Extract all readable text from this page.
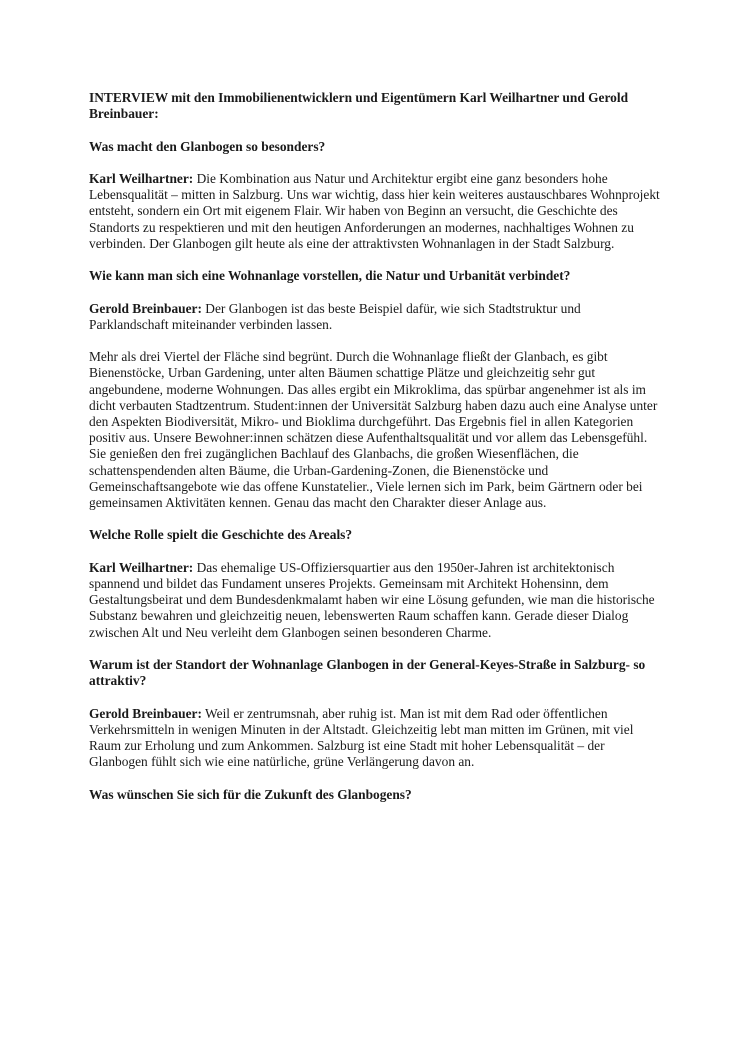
INTERVIEW mit den Immobilienentwicklern und Eigentümern Karl Weilhartner und Gerold Breinbauer:

Was macht den Glanbogen so besonders?

Karl Weilhartner: Die Kombination aus Natur und Architektur ergibt eine ganz besonders hohe Lebensqualität – mitten in Salzburg. Uns war wichtig, dass hier kein weiteres austauschbares Wohnprojekt entsteht, sondern ein Ort mit eigenem Flair. Wir haben von Beginn an versucht, die Geschichte des Standorts zu respektieren und mit den heutigen Anforderungen an modernes, nachhaltiges Wohnen zu verbinden. Der Glanbogen gilt heute als eine der attraktivsten Wohnanlagen in der Stadt Salzburg.

Wie kann man sich eine Wohnanlage vorstellen, die Natur und Urbanität verbindet?

Gerold Breinbauer: Der Glanbogen ist das beste Beispiel dafür, wie sich Stadtstruktur und Parklandschaft miteinander verbinden lassen.

Mehr als drei Viertel der Fläche sind begrünt. Durch die Wohnanlage fließt der Glanbach, es gibt Bienenstöcke, Urban Gardening, unter alten Bäumen schattige Plätze und gleichzeitig sehr gut angebundene, moderne Wohnungen. Das alles ergibt ein Mikroklima, das spürbar angenehmer ist als im dicht verbauten Stadtzentrum. Student:innen der Universität Salzburg haben dazu auch eine Analyse unter den Aspekten Biodiversität, Mikro- und Bioklima durchgeführt. Das Ergebnis fiel in allen Kategorien positiv aus. Unsere Bewohner:innen schätzen diese Aufenthaltsqualität und vor allem das Lebensgefühl. Sie genießen den frei zugänglichen Bachlauf des Glanbachs, die großen Wiesenflächen, die schattenspendenden alten Bäume, die Urban-Gardening-Zonen, die Bienenstöcke und Gemeinschaftsangebote wie das offene Kunstatelier., Viele lernen sich im Park, beim Gärtnern oder bei gemeinsamen Aktivitäten kennen. Genau das macht den Charakter dieser Anlage aus.

Welche Rolle spielt die Geschichte des Areals?

Karl Weilhartner: Das ehemalige US-Offiziersquartier aus den 1950er-Jahren ist architektonisch spannend und bildet das Fundament unseres Projekts. Gemeinsam mit Architekt Hohensinn, dem Gestaltungsbeirat und dem Bundesdenkmalamt haben wir eine Lösung gefunden, wie man die historische Substanz bewahren und gleichzeitig neuen, lebenswerten Raum schaffen kann. Gerade dieser Dialog zwischen Alt und Neu verleiht dem Glanbogen seinen besonderen Charme.

Warum ist der Standort der Wohnanlage Glanbogen in der General-Keyes-Straße in Salzburg- so attraktiv?

Gerold Breinbauer: Weil er zentrumsnah, aber ruhig ist. Man ist mit dem Rad oder öffentlichen Verkehrsmitteln in wenigen Minuten in der Altstadt. Gleichzeitig lebt man mitten im Grünen, mit viel Raum zur Erholung und zum Ankommen. Salzburg ist eine Stadt mit hoher Lebensqualität – der Glanbogen fühlt sich wie eine natürliche, grüne Verlängerung davon an.

Was wünschen Sie sich für die Zukunft des Glanbogens?
